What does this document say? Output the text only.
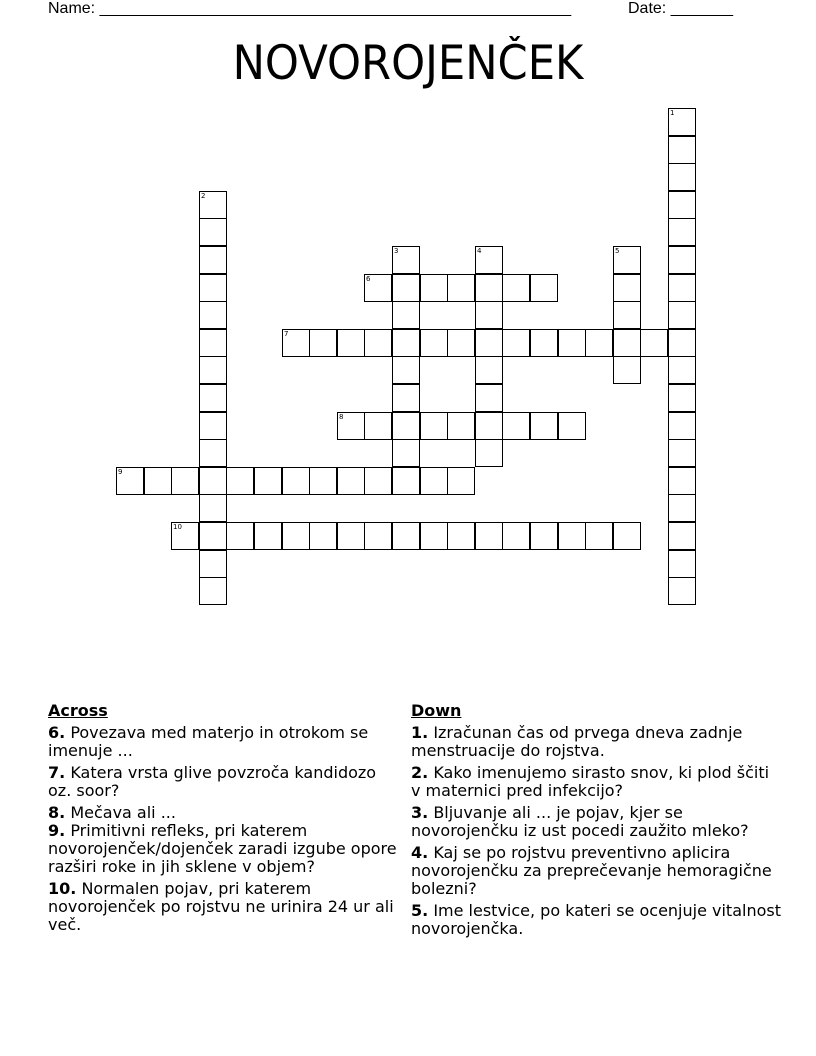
Name: _____________________________________________________	Date: _______
NOVOROJENČEK
1
2
3	4	5
6
7
8
9
10
Across
6. Povezava med materjo in otrokom se imenuje ...
7. Katera vrsta glive povzroča kandidozo oz. soor?
8. Mečava ali ...
9. Primitivni refleks, pri katerem novorojenček/dojenček zaradi izgube opore razširi roke in jih sklene v objem?
10. Normalen pojav, pri katerem novorojenček po rojstvu ne urinira 24 ur ali več.
Down
1. Izračunan čas od prvega dneva zadnje menstruacije do rojstva.
2. Kako imenujemo sirasto snov, ki plod ščiti v maternici pred infekcijo?
3. Bljuvanje ali ... je pojav, kjer se novorojenčku iz ust pocedi zaužito mleko?
4. Kaj se po rojstvu preventivno aplicira novorojenčku za preprečevanje hemoragične bolezni?
5. Ime lestvice, po kateri se ocenjuje vitalnost novorojenčka.
